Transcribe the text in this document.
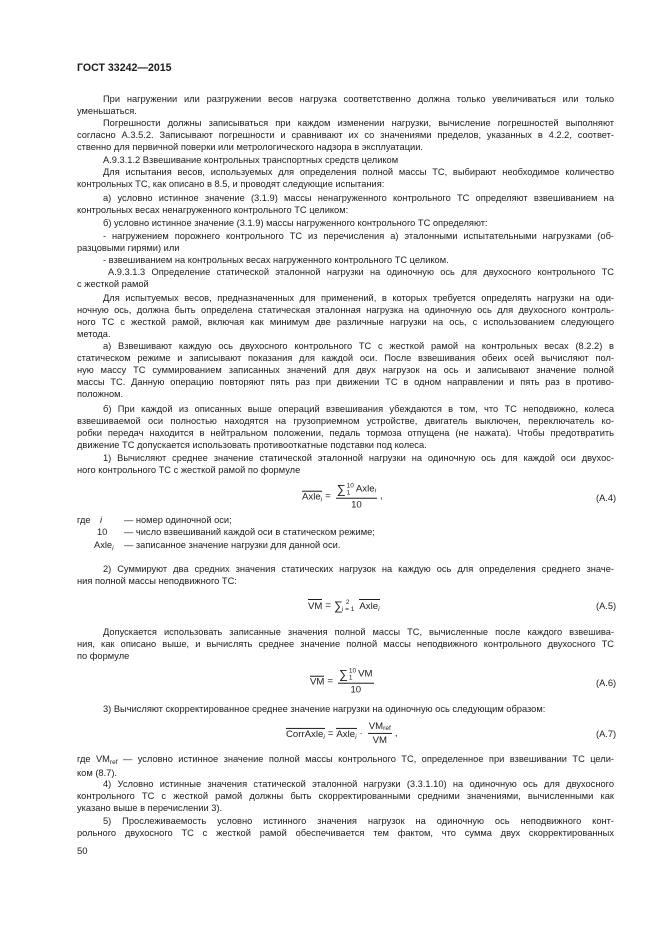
ГОСТ 33242—2015
При нагружении или разгружении весов нагрузка соответственно должна только увеличиваться или только
уменьшаться.
Погрешности должны записываться при каждом изменении нагрузки, вычисление погрешностей выполняют
согласно А.3.5.2. Записывают погрешности и сравнивают их со значениями пределов, указанных в 4.2.2, соответ-
ственно для первичной поверки или метрологического надзора в эксплуатации.
А.9.3.1.2 Взвешивание контрольных транспортных средств целиком
Для испытания весов, используемых для определения полной массы ТС, выбирают необходимое количество
контрольных ТС, как описано в 8.5, и проводят следующие испытания:
а) условно истинное значение (3.1.9) массы ненагруженного контрольного ТС определяют взвешиванием на
контрольных весах ненагруженного контрольного ТС целиком:
б) условно истинное значение (3.1.9) массы нагруженного контрольного ТС определяют:
- нагружением порожнего контрольного ТС из перечисления а) эталонными испытательными нагрузками (об-
разцовыми гирями) или
- взвешиванием на контрольных весах нагруженного контрольного ТС целиком.
А.9.3.1.3 Определение статической эталонной нагрузки на одиночную ось для двухосного контрольного ТС
с жесткой рамой
Для испытуемых весов, предназначенных для применений, в которых требуется определять нагрузки на оди-
ночную ось, должна быть определена статическая эталонная нагрузка на одиночную ось для двухосного контроль-
ного ТС с жесткой рамой, включая как минимум две различные нагрузки на ось, с использованием следующего
метода.
а) Взвешивают каждую ось двухосного контрольного ТС с жесткой рамой на контрольных весах (8.2.2) в
статическом режиме и записывают показания для каждой оси. После взвешивания обеих осей вычисляют пол-
ную массу ТС суммированием записанных значений для двух нагрузок на ось и записывают значение полной
массы ТС. Данную операцию повторяют пять раз при движении ТС в одном направлении и пять раз в противо-
положном.
б) При каждой из описанных выше операций взвешивания убеждаются в том, что ТС неподвижно, колеса
взвешиваемой оси полностью находятся на грузоприемном устройстве, двигатель выключен, переключатель ко-
робки передач находится в нейтральном положении, педаль тормоза отпущена (не нажата). Чтобы предотвратить
движение ТС допускается использовать противооткатные подставки под колеса.
1) Вычисляют среднее значение статической эталонной нагрузки на одиночную ось для каждой оси двухос-
ного контрольного ТС с жесткой рамой по формуле
Axle$_i$ = ∑ 10
1 Axle i
10 ,	(А.4)
где i — номер одиночной оси;
10 — число взвешиваний каждой оси в статическом режиме;
Axle$_i$ — записанное значение нагрузки для данной оси.
2) Суммируют два средних значения статических нагрузок на каждую ось для определения среднего значе-
ния полной массы неподвижного ТС:
VM = ∑ 2
i = 1 Axle$_i$	(А.5)
Допускается использовать записанные значения полной массы ТС, вычисленные после каждого взвешива-
ния, как описано выше, и вычислять среднее значение полной массы неподвижного контрольного двухосного ТС
по формуле
VM = ∑ 10
1 VM
10	(А.6)
3) Вычисляют скорректированное среднее значение нагрузки на одиночную ось следующим образом:
CorrAxle$_i$ = Axle$_i$ · $\frac{\text{VM ref}}{VM}$ ,	(А.7)
где $VM_{ref}$ — условно истинное значение полной массы контрольного ТС, определенное при взвешивании ТС цели-
ком (8.7).
4) Условно истинные значения статической эталонной нагрузки (3.3.1.10) на одиночную ось для двухосного
контрольного ТС с жесткой рамой должны быть скорректированными средними значениями, вычисленными как
указано выше в перечислении 3).
5) Прослеживаемость условно истинного значения нагрузок на одиночную ось неподвижного конт-
рольного двухосного ТС с жесткой рамой обеспечивается тем фактом, что сумма двух скорректированных
50
